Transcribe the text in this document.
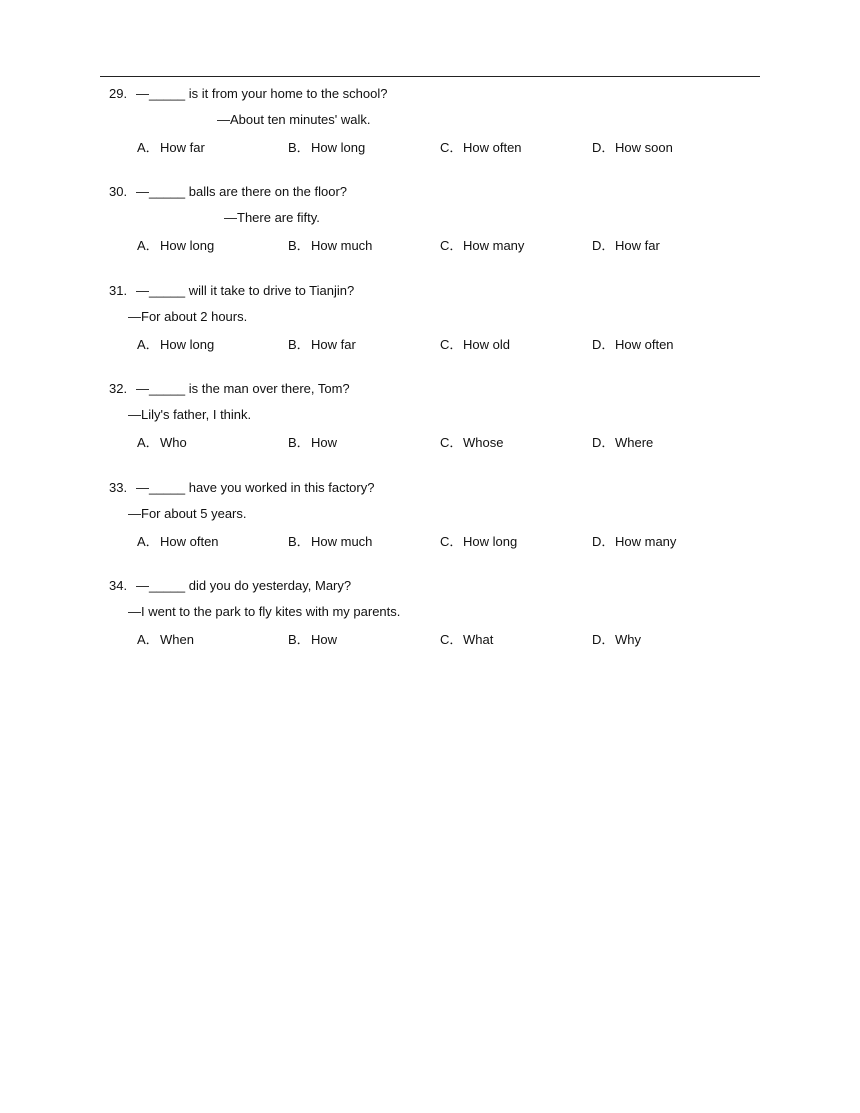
29. —_____ is it from your home to the school?
—About ten minutes' walk.
A．How far	B．How long	C．How often	D．How soon
30. —_____ balls are there on the floor?
—There are fifty.
A．How long	B．How much	C．How many	D．How far
31. —_____ will it take to drive to Tianjin?
—For about 2 hours.
A．How long	B．How far	C．How old	D．How often
32. —_____ is the man over there, Tom?
—Lily's father, I think.
A．Who	B．How	C．Whose	D．Where
33. —_____ have you worked in this factory?
—For about 5 years.
A．How often	B．How much	C．How long	D．How many
34. —_____ did you do yesterday, Mary?
—I went to the park to fly kites with my parents.
A．When	B．How	C．What	D．Why
